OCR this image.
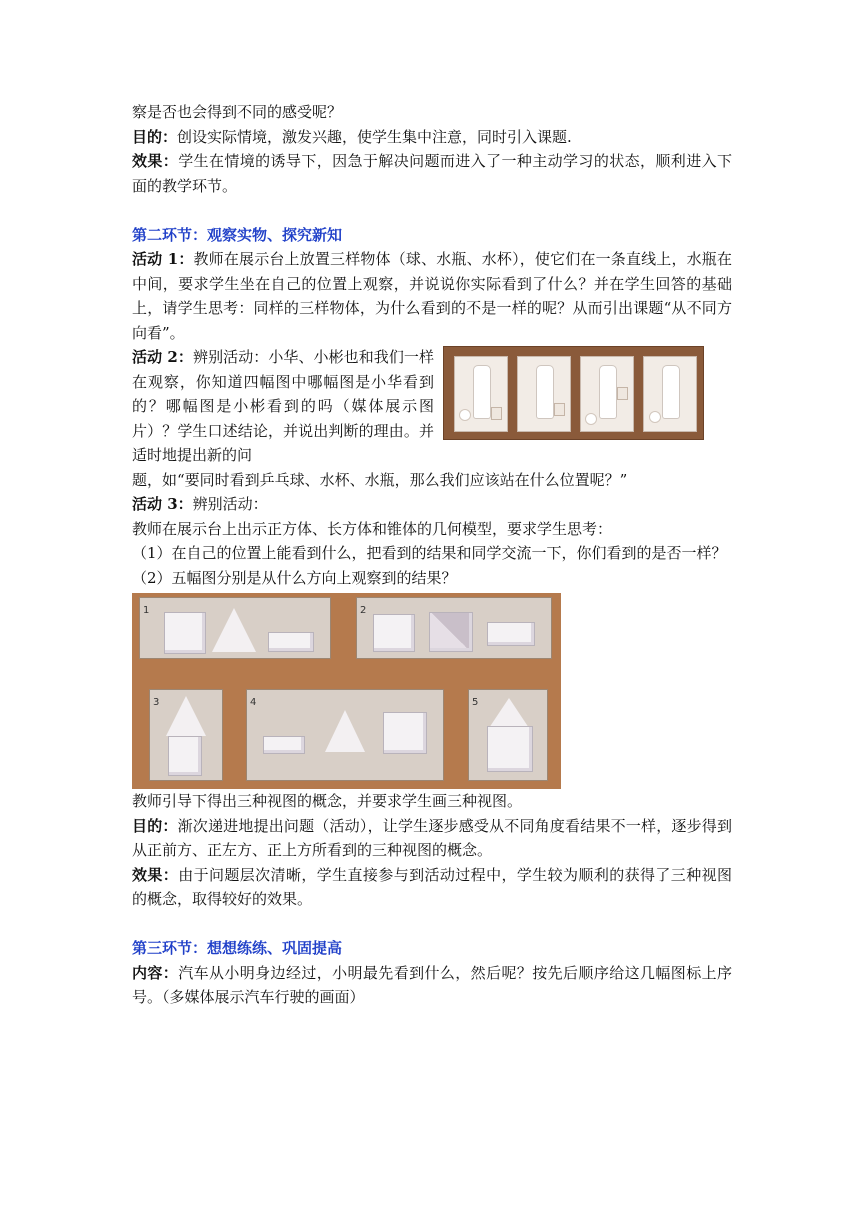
察是否也会得到不同的感受呢？

目的：创设实际情境，激发兴趣，使学生集中注意，同时引入课题.

效果：学生在情境的诱导下，因急于解决问题而进入了一种主动学习的状态，顺利进入下面的教学环节。

第二环节：观察实物、探究新知

活动 1：教师在展示台上放置三样物体（球、水瓶、水杯），使它们在一条直线上，水瓶在中间，要求学生坐在自己的位置上观察，并说说你实际看到了什么？并在学生回答的基础上，请学生思考：同样的三样物体，为什么看到的不是一样的呢？从而引出课题“从不同方向看”。

活动 2：辨别活动：小华、小彬也和我们一样在观察，你知道四幅图中哪幅图是小华看到的？哪幅图是小彬看到的吗（媒体展示图片）？学生口述结论，并说出判断的理由。并适时地提出新的问

题，如“要同时看到乒乓球、水杯、水瓶，那么我们应该站在什么位置呢？”

活动 3：辨别活动：

教师在展示台上出示正方体、长方体和锥体的几何模型，要求学生思考：

（1）在自己的位置上能看到什么，把看到的结果和同学交流一下，你们看到的是否一样？

（2）五幅图分别是从什么方向上观察到的结果？

1	2
3	4	5

教师引导下得出三种视图的概念，并要求学生画三种视图。

目的：渐次递进地提出问题（活动），让学生逐步感受从不同角度看结果不一样，逐步得到从正前方、正左方、正上方所看到的三种视图的概念。

效果：由于问题层次清晰，学生直接参与到活动过程中，学生较为顺利的获得了三种视图的概念，取得较好的效果。

第三环节：想想练练、巩固提高

内容：汽车从小明身边经过，小明最先看到什么，然后呢？按先后顺序给这几幅图标上序号。（多媒体展示汽车行驶的画面）
